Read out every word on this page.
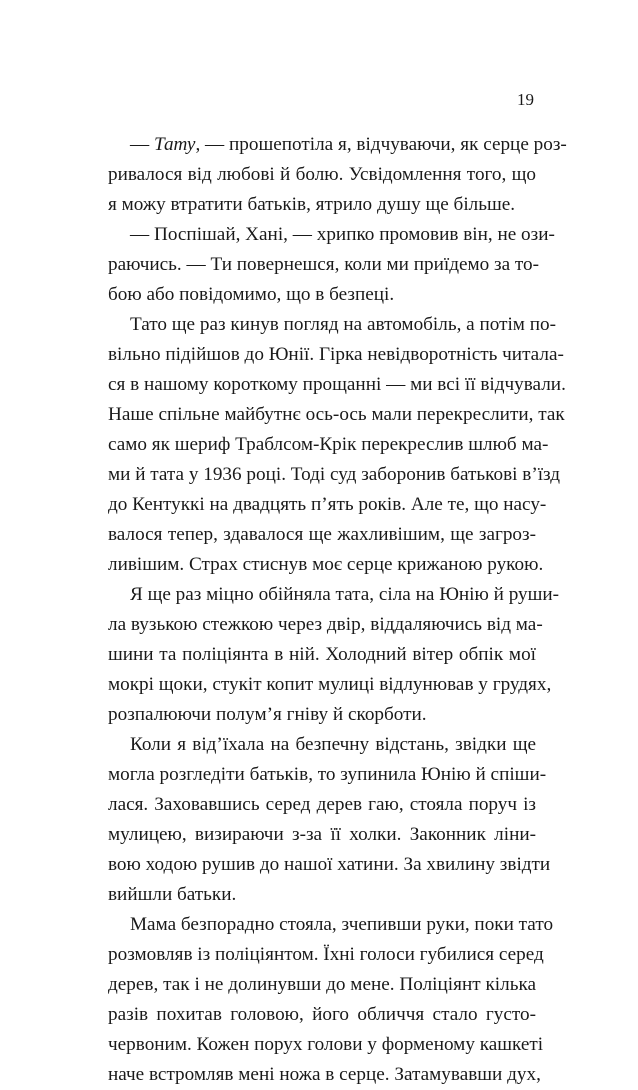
19
— Тату, — прошепотіла я, відчуваючи, як серце роз-
ривалося від любові й болю. Усвідомлення того, що
я можу втратити батьків, ятрило душу ще більше.
— Поспішай, Хані, — хрипко промовив він, не ози-
раючись. — Ти повернешся, коли ми приїдемо за то-
бою або повідомимо, що в безпеці.
Тато ще раз кинув погляд на автомобіль, а потім по-
вільно підійшов до Юнії. Гірка невідворотність читала-
ся в нашому короткому прощанні — ми всі її відчували.
Наше спільне майбутнє ось-ось мали перекреслити, так
само як шериф Траблсом-Крік перекреслив шлюб ма-
ми й тата у 1936 році. Тоді суд заборонив батькові в’їзд
до Кентуккі на двадцять п’ять років. Але те, що насу-
валося тепер, здавалося ще жахливішим, ще загроз-
ливішим. Страх стиснув моє серце крижаною рукою.
Я ще раз міцно обійняла тата, сіла на Юнію й руши-
ла вузькою стежкою через двір, віддаляючись від ма-
шини та поліціянта в ній. Холодний вітер обпік мої
мокрі щоки, стукіт копит мулиці відлунював у грудях,
розпалюючи полум’я гніву й скорботи.
Коли я від’їхала на безпечну відстань, звідки ще
могла розгледіти батьків, то зупинила Юнію й спіши-
лася. Заховавшись серед дерев гаю, стояла поруч із
мулицею, визираючи з-за її холки. Законник ліни-
вою ходою рушив до нашої хатини. За хвилину звідти
вийшли батьки.
Мама безпорадно стояла, зчепивши руки, поки тато
розмовляв із поліціянтом. Їхні голоси губилися серед
дерев, так і не долинувши до мене. Поліціянт кілька
разів похитав головою, його обличчя стало густо-
червоним. Кожен порух голови у форменому кашкеті
наче встромляв мені ножа в серце. Затамувавши дух,
